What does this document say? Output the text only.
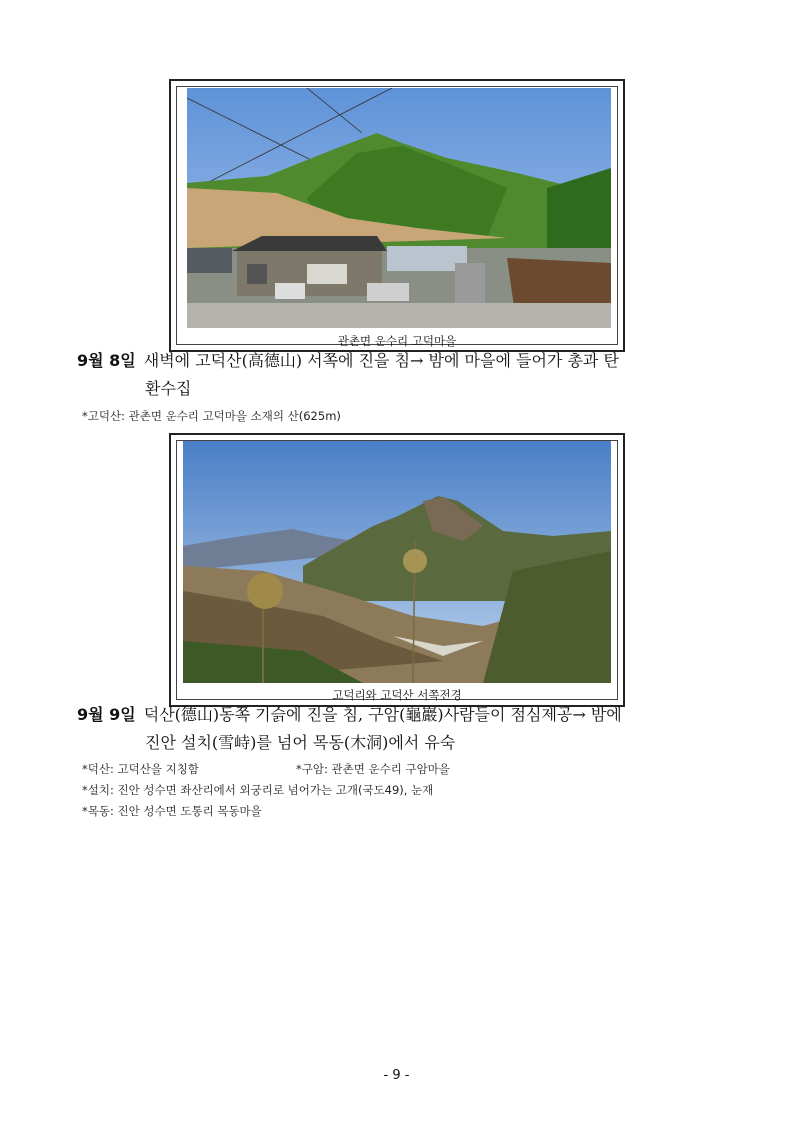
관촌면 운수리 고덕마을
9월 8일 새벽에 고덕산(高德山) 서쪽에 진을 침→ 밤에 마을에 들어가 총과 탄
환수집
*고덕산: 관촌면 운수리 고덕마을 소재의 산(625m)
고덕리와 고덕산 서쪽전경
9월 9일 덕산(德山)동쪽 기슭에 진을 침, 구암(龜巖)사람들이 점심제공→ 밤에
진안 설치(雪峙)를 넘어 목동(木洞)에서 유숙
*덕산: 고덕산을 지칭함	*구암: 관촌면 운수리 구암마을
*설치: 진안 성수면 좌산리에서 외궁리로 넘어가는 고개(국도49), 눈재
*목동: 진안 성수면 도통리 목동마을
- 9 -
